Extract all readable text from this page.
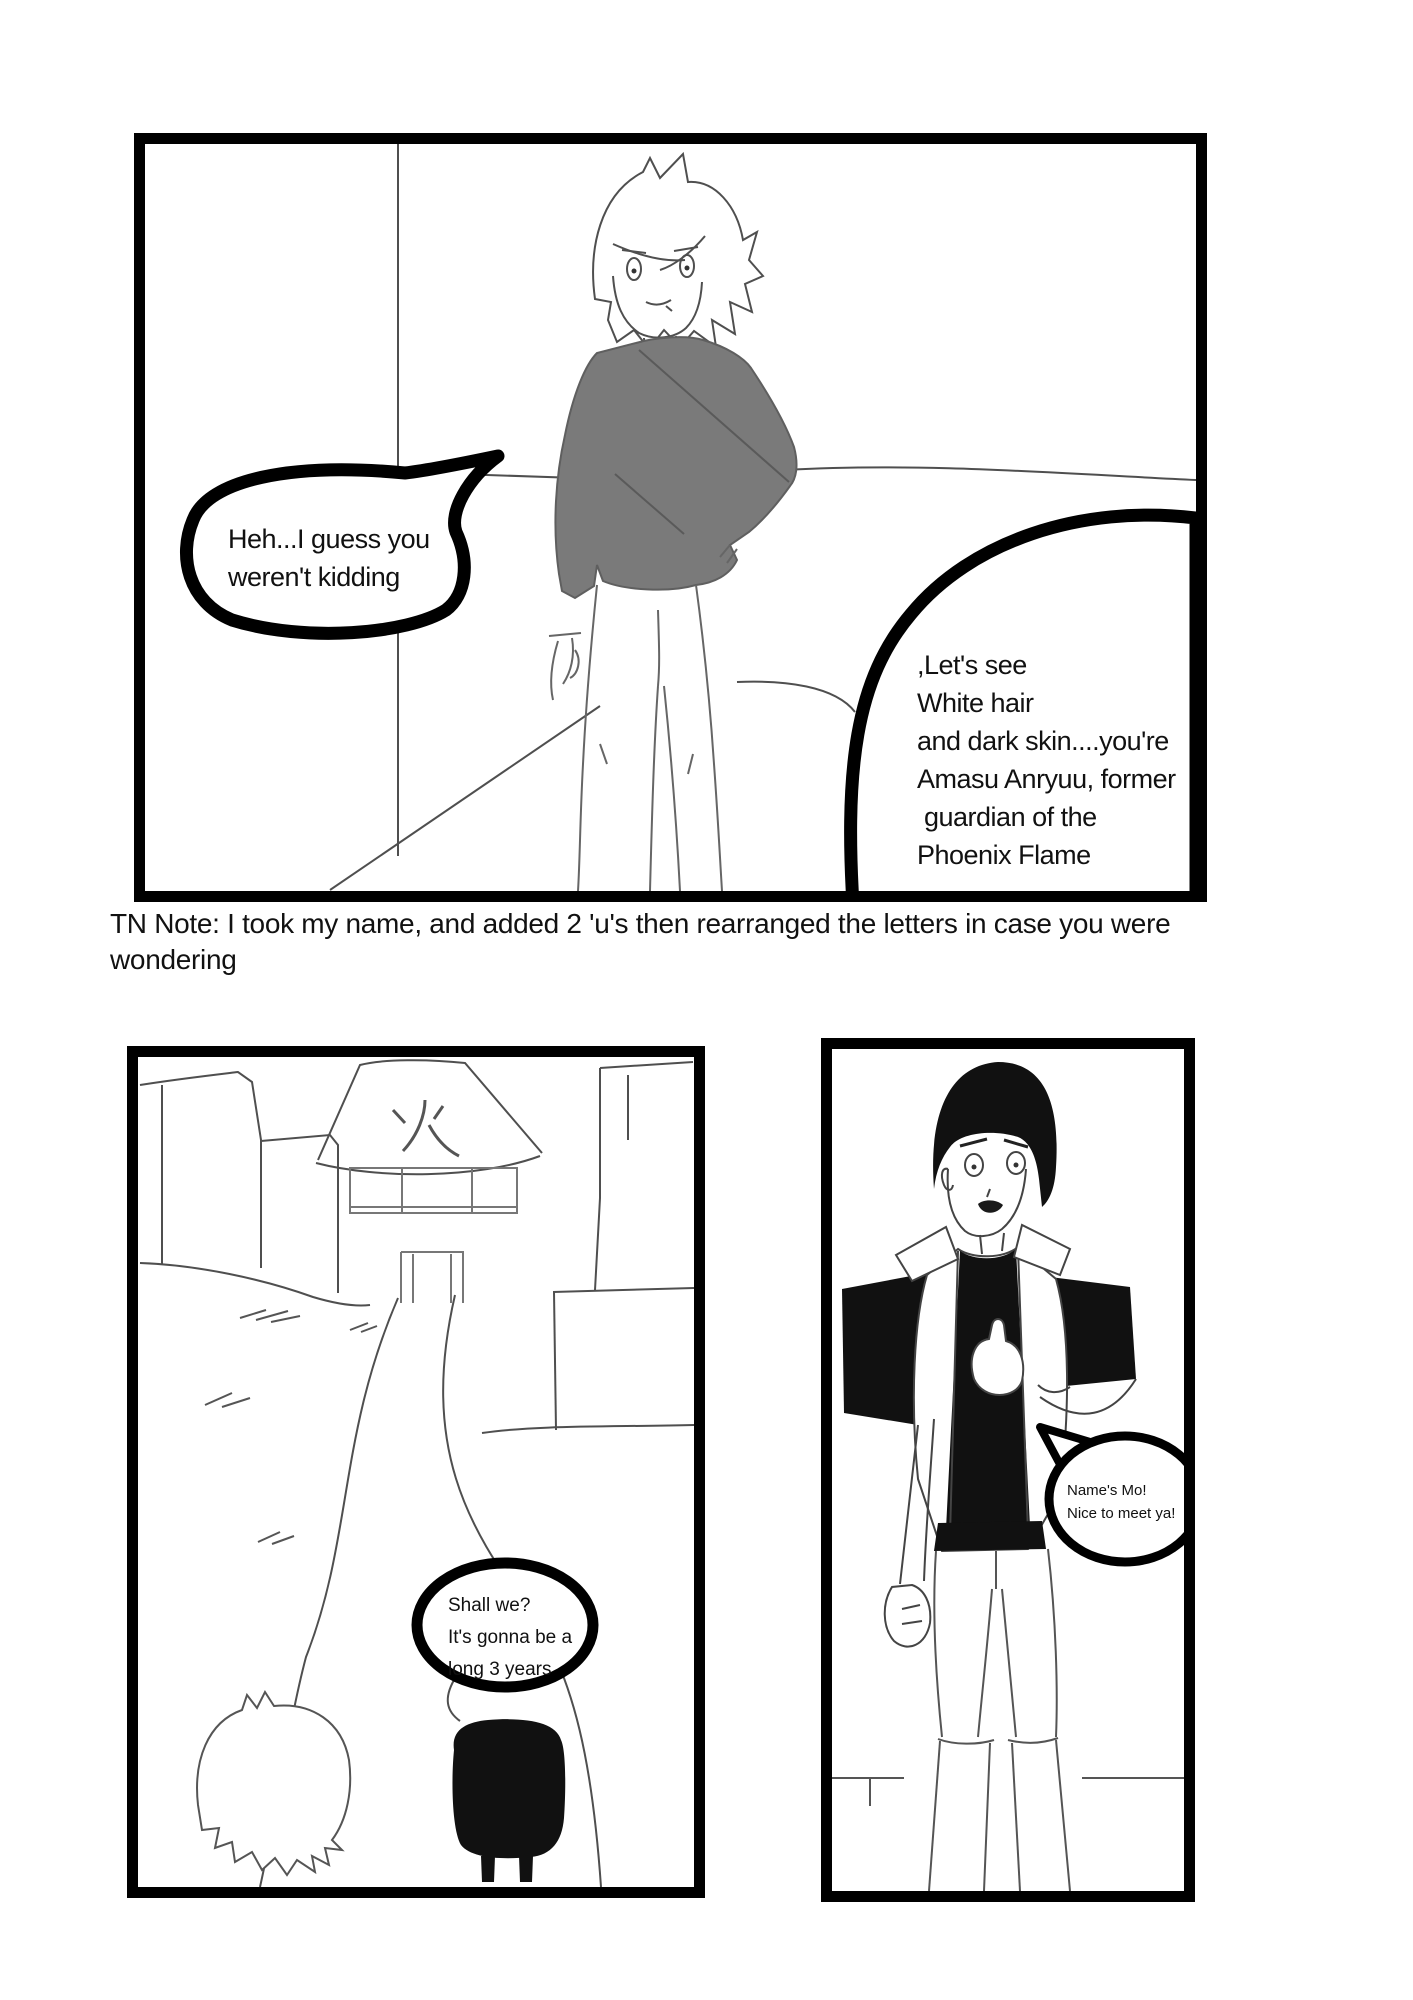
Heh...I guess you
weren't kidding
,Let's see
White hair
and dark skin....you're
Amasu Anryuu, former
guardian of the
Phoenix Flame
TN Note: I took my name, and added 2 'u's then rearranged the letters in case you were
wondering
Shall we?
It's gonna be a
long 3 years
Name's Mo!
Nice to meet ya!
